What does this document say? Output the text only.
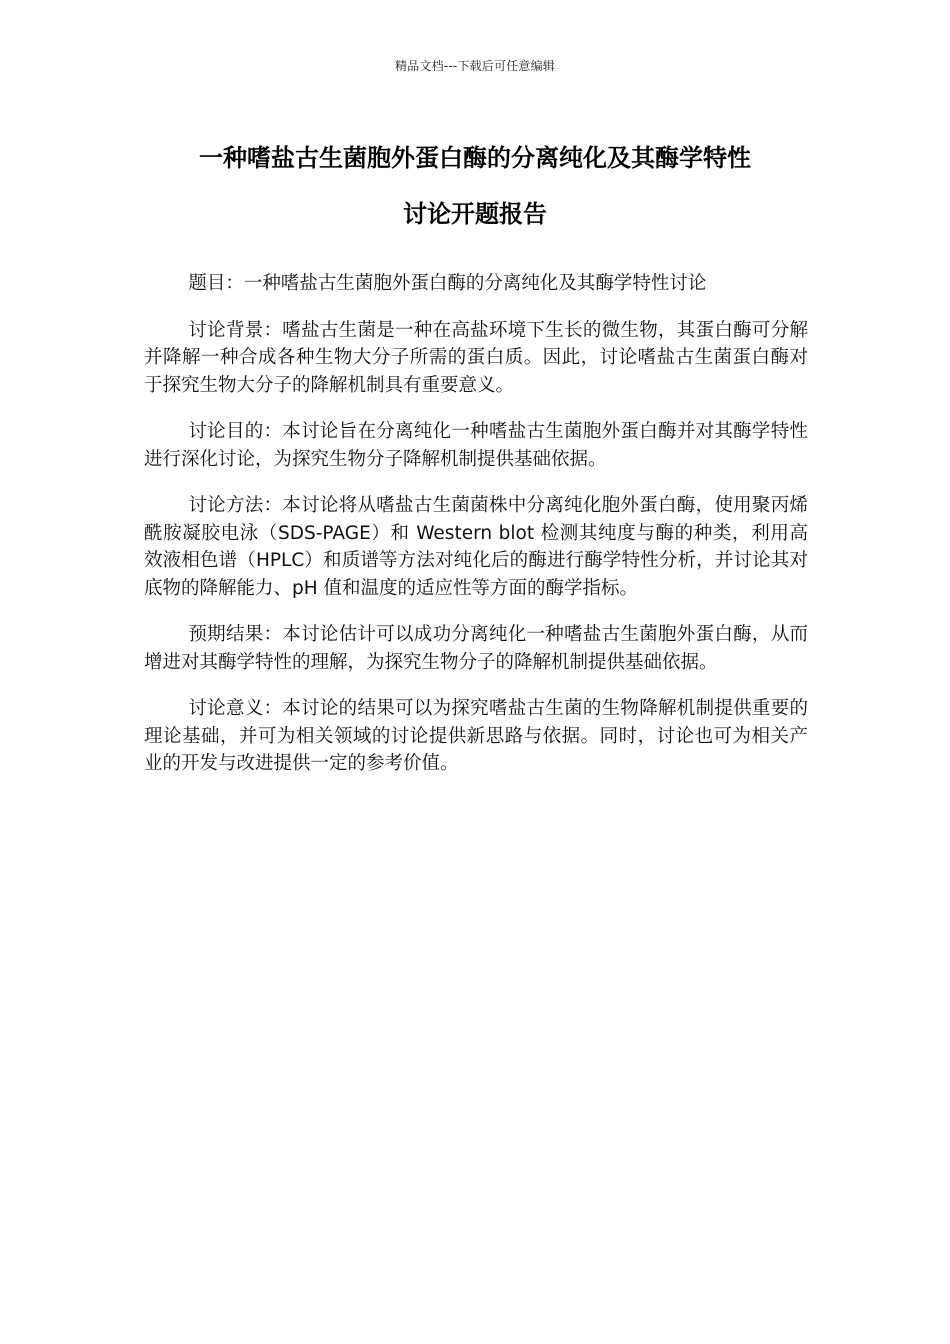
精品文档---下载后可任意编辑
一种嗜盐古生菌胞外蛋白酶的分离纯化及其酶学特性
讨论开题报告

题目：一种嗜盐古生菌胞外蛋白酶的分离纯化及其酶学特性讨论

讨论背景：嗜盐古生菌是一种在高盐环境下生长的微生物，其蛋白酶可分解并降解一种合成各种生物大分子所需的蛋白质。因此，讨论嗜盐古生菌蛋白酶对于探究生物大分子的降解机制具有重要意义。

讨论目的：本讨论旨在分离纯化一种嗜盐古生菌胞外蛋白酶并对其酶学特性进行深化讨论，为探究生物分子降解机制提供基础依据。

讨论方法：本讨论将从嗜盐古生菌菌株中分离纯化胞外蛋白酶，使用聚丙烯酰胺凝胶电泳（SDS-PAGE）和 Western blot 检测其纯度与酶的种类，利用高效液相色谱（HPLC）和质谱等方法对纯化后的酶进行酶学特性分析，并讨论其对底物的降解能力、pH 值和温度的适应性等方面的酶学指标。

预期结果：本讨论估计可以成功分离纯化一种嗜盐古生菌胞外蛋白酶，从而增进对其酶学特性的理解，为探究生物分子的降解机制提供基础依据。

讨论意义：本讨论的结果可以为探究嗜盐古生菌的生物降解机制提供重要的理论基础，并可为相关领域的讨论提供新思路与依据。同时，讨论也可为相关产业的开发与改进提供一定的参考价值。
